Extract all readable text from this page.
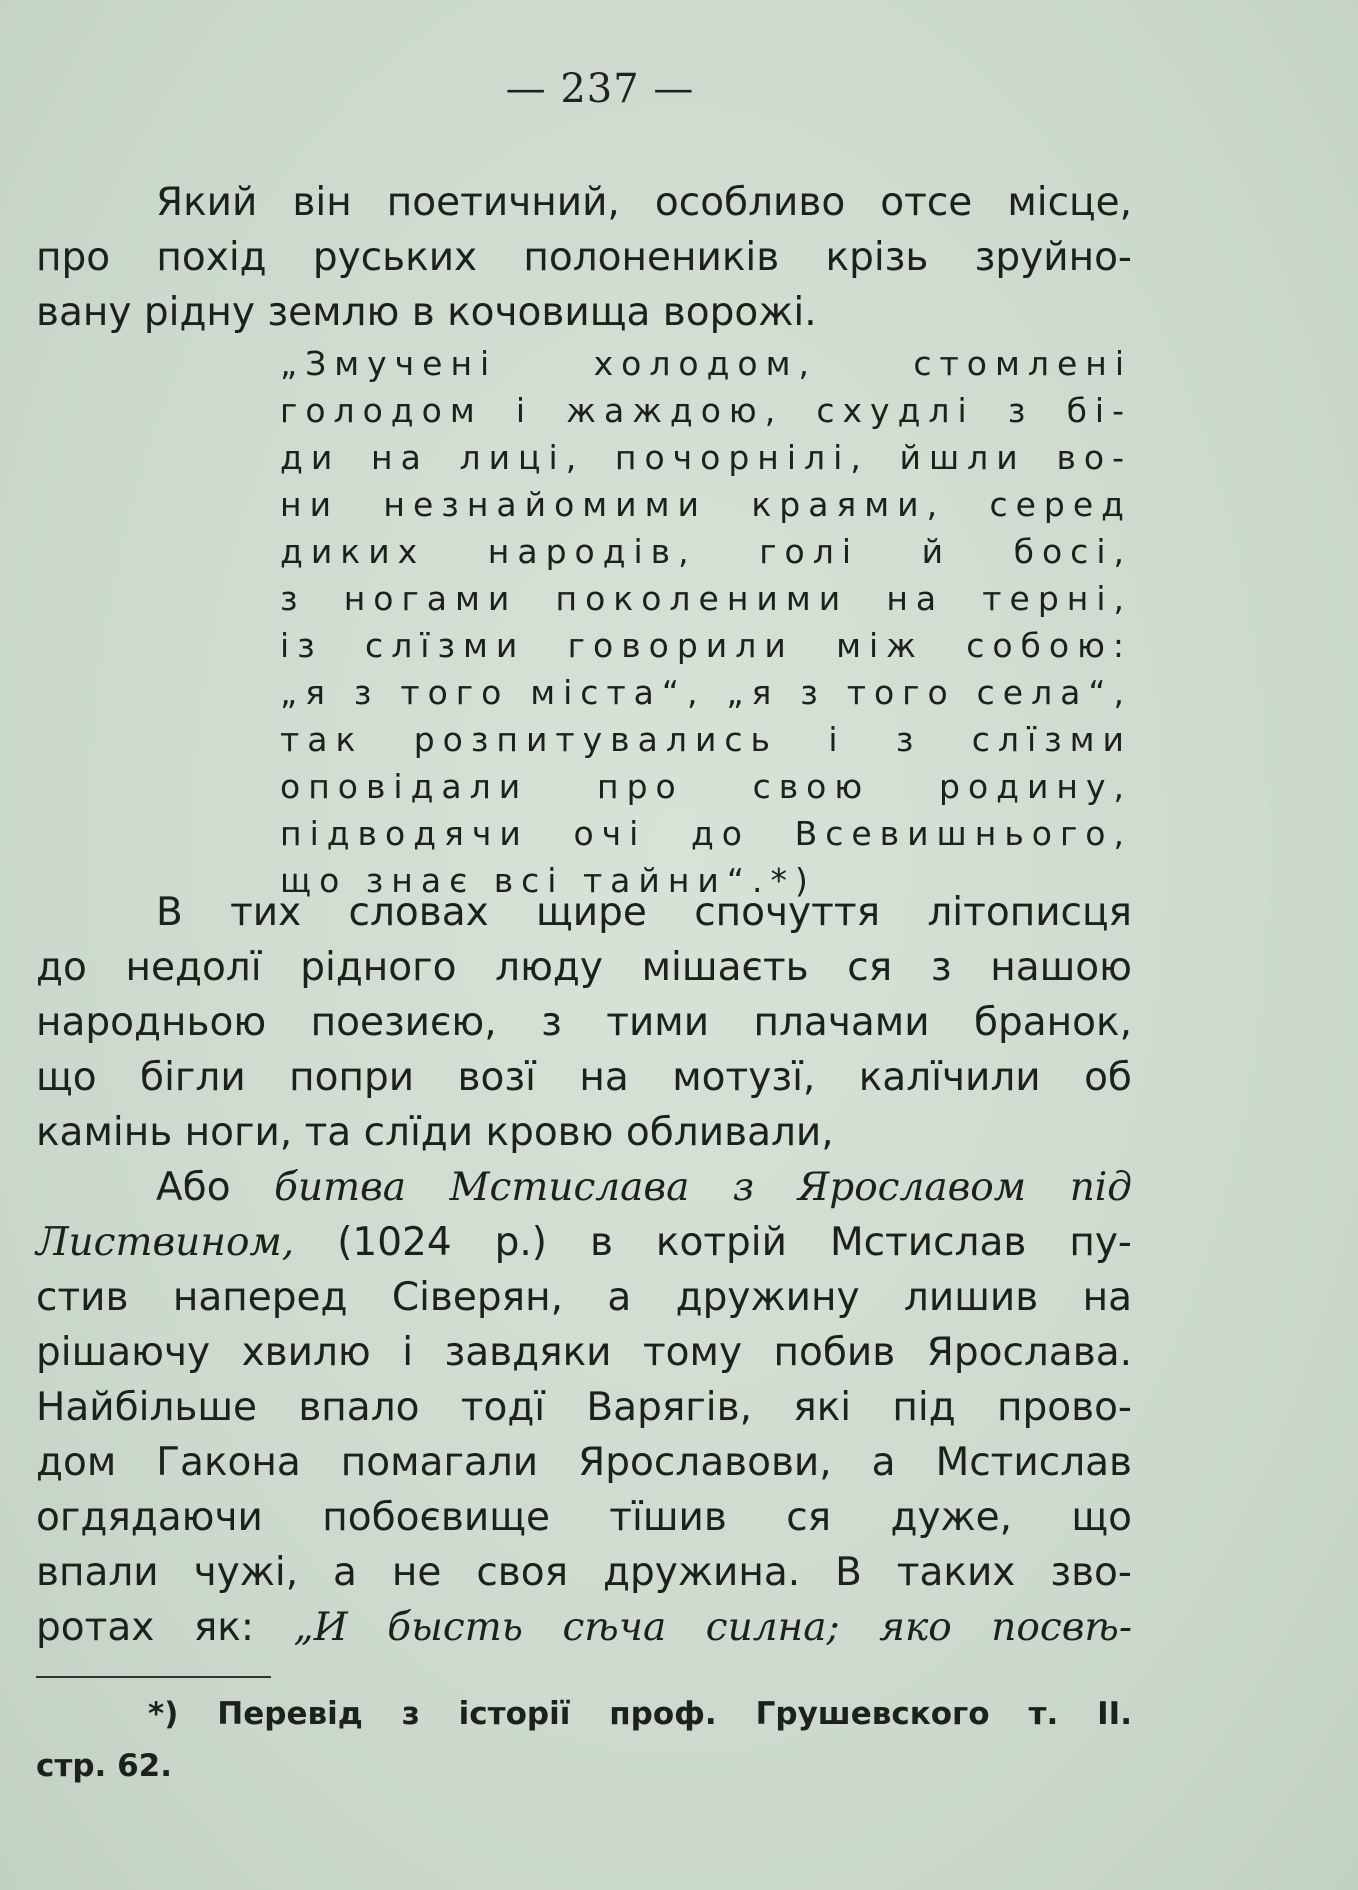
— 237 —
Який він поетичний, особливо отсе місце,
про похід руських полонеників крізь зруйно-
вану рідну землю в кочовища ворожі.
„Змучені холодом, стомлені
голодом і жаждою, схудлі з бі-
ди на лиці, почорнілі, йшли во-
ни незнайомими краями, серед
диких народів, голі й босі,
з ногами поколеними на терні,
із слїзми говорили між собою:
„я з того міста“, „я з того села“,
так розпитувались і з слїзми
оповідали про свою родину,
підводячи очі до Всевишнього,
що знає всі тайни“.*)
В тих словах щире спочуття літописця
до недолї рідного люду мішаєть ся з нашою
народньою поезиєю, з тими плачами бранок,
що бігли попри возї на мотузї, калїчили об
камінь ноги, та слїди кровю обливали,
Або битва Мстислава з Ярославом під
Листвином, (1024 р.) в котрій Мстислав пу-
стив наперед Сіверян, а дружину лишив на
рішаючу хвилю і завдяки тому побив Ярослава.
Найбільше впало тодї Варягів, які під прово-
дом Гакона помагали Ярославови, а Мстислав
огдядаючи побоєвище тїшив ся дуже, що
впали чужі, а не своя дружина. В таких зво-
ротах як: „И бысть сѣча силна; яко посвѣ-
*) Перевід з історії проф. Грушевского т. II.
стр. 62.
